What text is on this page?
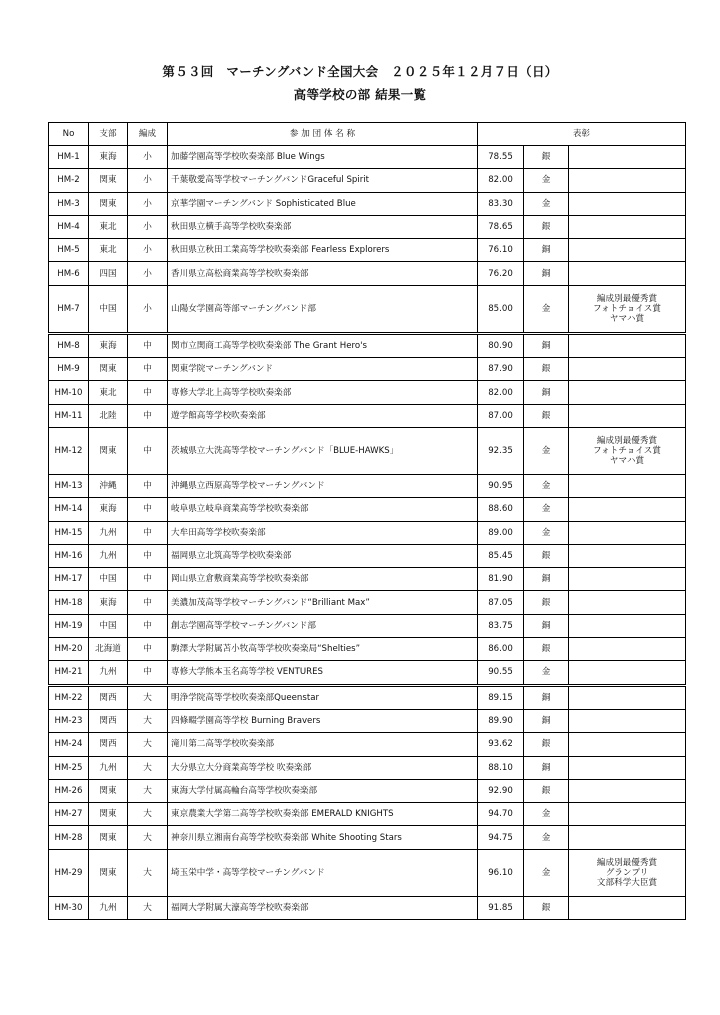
第５３回　マーチングバンド全国大会　２０２５年１２月７日（日）
高等学校の部 結果一覧
No	支部	編成	参 加 団 体 名 称	表彰		
HM-1	東海	小	加藤学園高等学校吹奏楽部 Blue Wings	78.55	銀	
HM-2	関東	小	千葉敬愛高等学校マーチングバンドGraceful Spirit	82.00	金	
HM-3	関東	小	京華学園マーチングバンド Sophisticated Blue	83.30	金	
HM-4	東北	小	秋田県立横手高等学校吹奏楽部	78.65	銀	
HM-5	東北	小	秋田県立秋田工業高等学校吹奏楽部 Fearless Explorers	76.10	銅	
HM-6	四国	小	香川県立高松商業高等学校吹奏楽部	76.20	銅	
HM-7	中国	小	山陽女学園高等部マーチングバンド部	85.00	金	編成別最優秀賞
フォトチョイス賞
ヤマハ賞

HM-8	東海	中	関市立関商工高等学校吹奏楽部 The Grant Hero's	80.90	銅	
HM-9	関東	中	関東学院マーチングバンド	87.90	銀	
HM-10	東北	中	専修大学北上高等学校吹奏楽部	82.00	銅	
HM-11	北陸	中	遊学館高等学校吹奏楽部	87.00	銀	
HM-12	関東	中	茨城県立大洗高等学校マーチングバンド「BLUE-HAWKS」	92.35	金	編成別最優秀賞
フォトチョイス賞
ヤマハ賞

HM-13	沖縄	中	沖縄県立西原高等学校マーチングバンド	90.95	金	
HM-14	東海	中	岐阜県立岐阜商業高等学校吹奏楽部	88.60	金	
HM-15	九州	中	大牟田高等学校吹奏楽部	89.00	金	
HM-16	九州	中	福岡県立北筑高等学校吹奏楽部	85.45	銀	
HM-17	中国	中	岡山県立倉敷商業高等学校吹奏楽部	81.90	銅	
HM-18	東海	中	美濃加茂高等学校マーチングバンド“Brilliant Max”	87.05	銀	
HM-19	中国	中	創志学園高等学校マーチングバンド部	83.75	銅	
HM-20	北海道	中	駒澤大学附属苫小牧高等学校吹奏楽局“Shelties”	86.00	銀	
HM-21	九州	中	専修大学熊本玉名高等学校 VENTURES	90.55	金	
HM-22	関西	大	明浄学院高等学校吹奏楽部Queenstar	89.15	銅	
HM-23	関西	大	四條畷学園高等学校 Burning Bravers	89.90	銅	
HM-24	関西	大	滝川第二高等学校吹奏楽部	93.62	銀	
HM-25	九州	大	大分県立大分商業高等学校 吹奏楽部	88.10	銅	
HM-26	関東	大	東海大学付属高輪台高等学校吹奏楽部	92.90	銀	
HM-27	関東	大	東京農業大学第二高等学校吹奏楽部 EMERALD KNIGHTS	94.70	金	
HM-28	関東	大	神奈川県立湘南台高等学校吹奏楽部 White Shooting Stars	94.75	金	
HM-29	関東	大	埼玉栄中学・高等学校マーチングバンド	96.10	金	編成別最優秀賞
グランプリ
文部科学大臣賞

HM-30	九州	大	福岡大学附属大濠高等学校吹奏楽部	91.85	銀	
